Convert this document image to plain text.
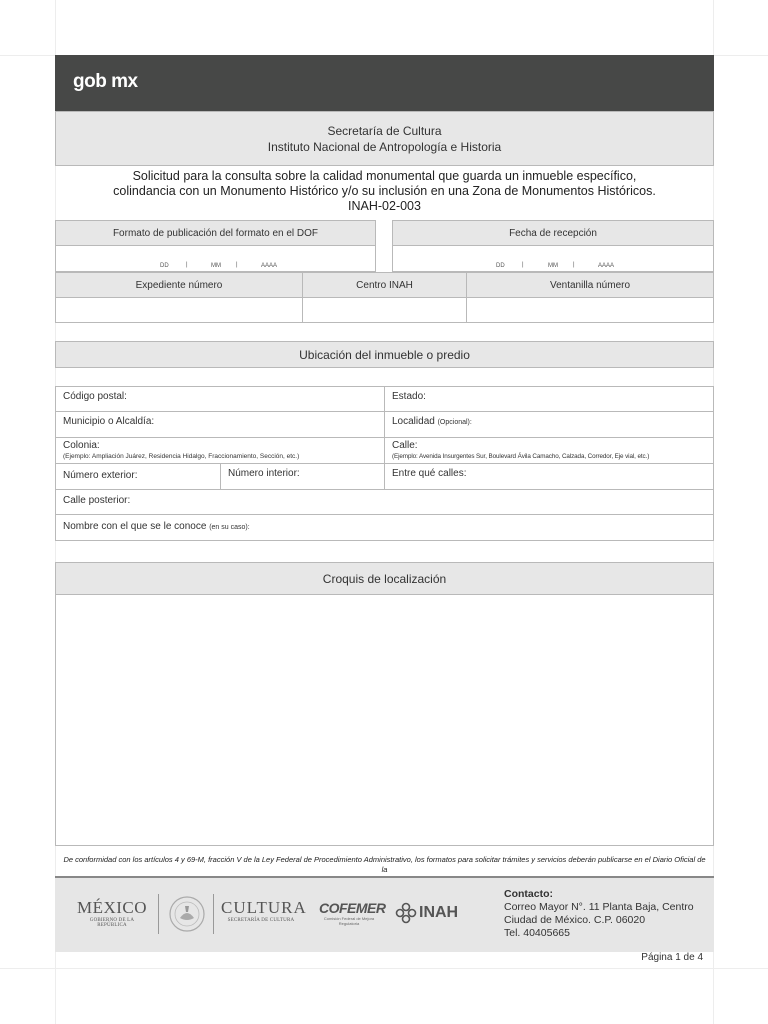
gob mx
Secretaría de Cultura
Instituto Nacional de Antropología e Historia
Solicitud para la consulta sobre la calidad monumental que guarda un inmueble específico,
colindancia con un Monumento Histórico y/o su inclusión en una Zona de Monumentos Históricos.
INAH-02-003
Formato de publicación del formato en el DOF
DD	|	MM	|	AAAA
Fecha de recepción
DD	|	MM	|	AAAA
Expediente número	Centro INAH	Ventanilla número
Ubicación del inmueble o predio
Código postal:	Estado:
Municipio o Alcaldía:	Localidad (Opcional):
Colonia:
(Ejemplo: Ampliación Juárez, Residencia Hidalgo, Fraccionamiento, Sección, etc.)
Calle:
(Ejemplo: Avenida Insurgentes Sur, Boulevard Ávila Camacho, Calzada, Corredor, Eje vial, etc.)
Número exterior:	Número interior:	Entre qué calles:
Calle posterior:
Nombre con el que se le conoce (en su caso):
Croquis de localización
De conformidad con los artículos 4 y 69-M, fracción V de la Ley Federal de Procedimiento Administrativo, los formatos para solicitar trámites y servicios deberán publicarse en el Diario Oficial de la
MÉXICO
GOBIERNO DE LA REPÚBLICA
CULTURA
SECRETARÍA DE CULTURA
COFEMER
Comisión Federal de Mejora Regulatoria
INAH
Contacto:
Correo Mayor N°. 11 Planta Baja, Centro
Ciudad de México. C.P. 06020
Tel. 40405665
Página 1 de 4
